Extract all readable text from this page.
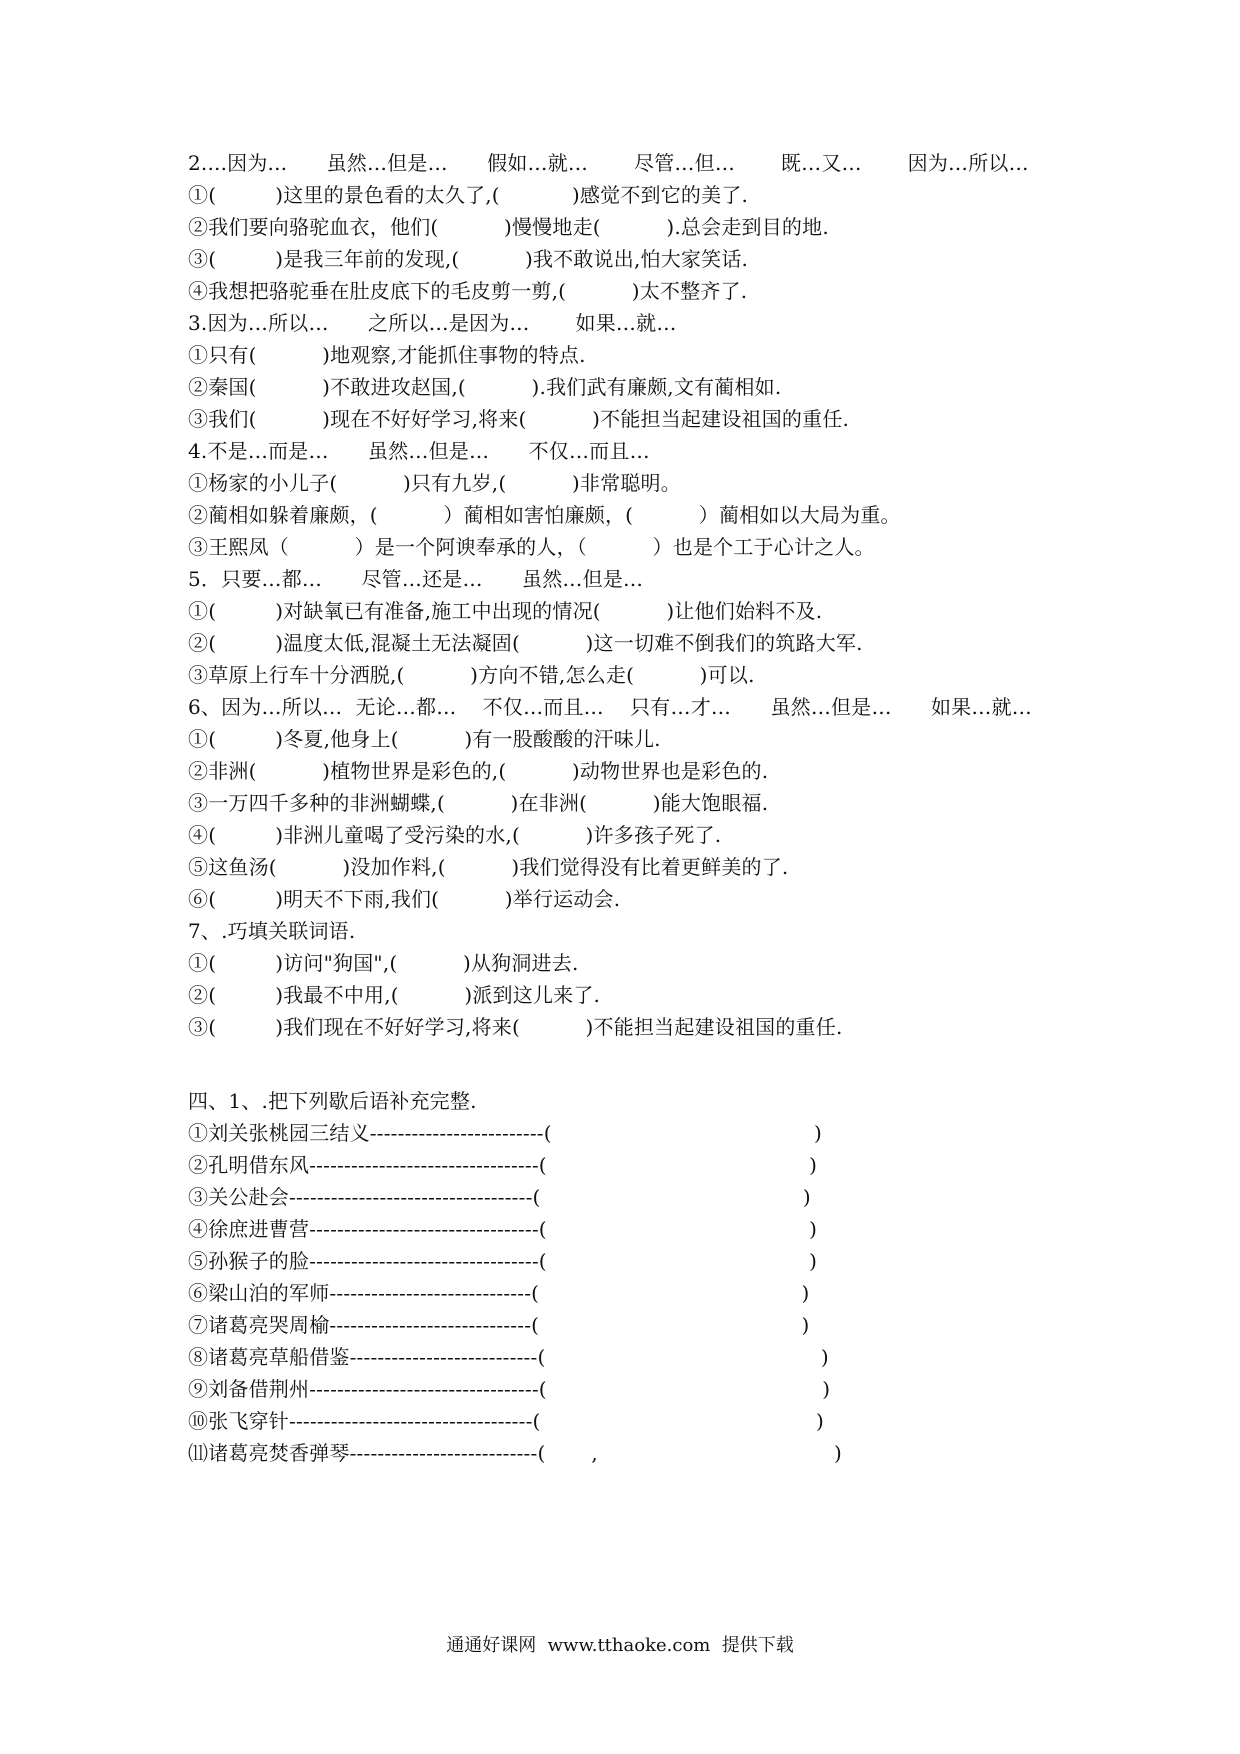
2....因为...      虽然…但是…      假如…就…       尽管…但…       既…又…       因为…所以…
①(         )这里的景色看的太久了,(           )感觉不到它的美了.
②我们要向骆驼血衣，他们(          )慢慢地走(          ).总会走到目的地.
③(         )是我三年前的发现,(          )我不敢说出,怕大家笑话.
④我想把骆驼垂在肚皮底下的毛皮剪一剪,(          )太不整齐了.
3.因为…所以…      之所以…是因为…       如果…就…
①只有(          )地观察,才能抓住事物的特点.
②秦国(          )不敢进攻赵国,(          ).我们武有廉颇,文有蔺相如.
③我们(          )现在不好好学习,将来(          )不能担当起建设祖国的重任.
4.不是…而是…      虽然…但是…      不仅…而且…
①杨家的小儿子(          )只有九岁,(          )非常聪明。
②蔺相如躲着廉颇，(          ）蔺相如害怕廉颇，(          ）蔺相如以大局为重。
③王熙凤（          ）是一个阿谀奉承的人，（          ）也是个工于心计之人。
5．只要…都…      尽管…还是…      虽然…但是…
①(         )对缺氧已有准备,施工中出现的情况(          )让他们始料不及.
②(         )温度太低,混凝土无法凝固(          )这一切难不倒我们的筑路大军.
③草原上行车十分洒脱,(          )方向不错,怎么走(          )可以.
6、因为…所以…  无论…都…    不仅…而且…    只有…才…      虽然…但是…      如果…就…
①(         )冬夏,他身上(          )有一股酸酸的汗味儿.
②非洲(          )植物世界是彩色的,(          )动物世界也是彩色的.
③一万四千多种的非洲蝴蝶,(          )在非洲(          )能大饱眼福.
④(         )非洲儿童喝了受污染的水,(          )许多孩子死了.
⑤这鱼汤(          )没加作料,(          )我们觉得没有比着更鲜美的了.
⑥(         )明天不下雨,我们(          )举行运动会.
7、.巧填关联词语.
①(         )访问"狗国",(          )从狗洞进去.
②(         )我最不中用,(          )派到这儿来了.
③(         )我们现在不好好学习,将来(          )不能担当起建设祖国的重任.
四、1、.把下列歇后语补充完整.
①刘关张桃园三结义-------------------------(                                        )
②孔明借东风---------------------------------(                                        )
③关公赴会-----------------------------------(                                        )
④徐庶进曹营---------------------------------(                                        )
⑤孙猴子的脸---------------------------------(                                        )
⑥梁山泊的军师-----------------------------(                                        )
⑦诸葛亮哭周榆-----------------------------(                                        )
⑧诸葛亮草船借鉴---------------------------(                                          )
⑨刘备借荆州---------------------------------(                                          )
⑩张飞穿针-----------------------------------(                                          )
⑾诸葛亮焚香弹琴---------------------------(       ,                                    )
通通好课网  www.tthaoke.com  提供下载
